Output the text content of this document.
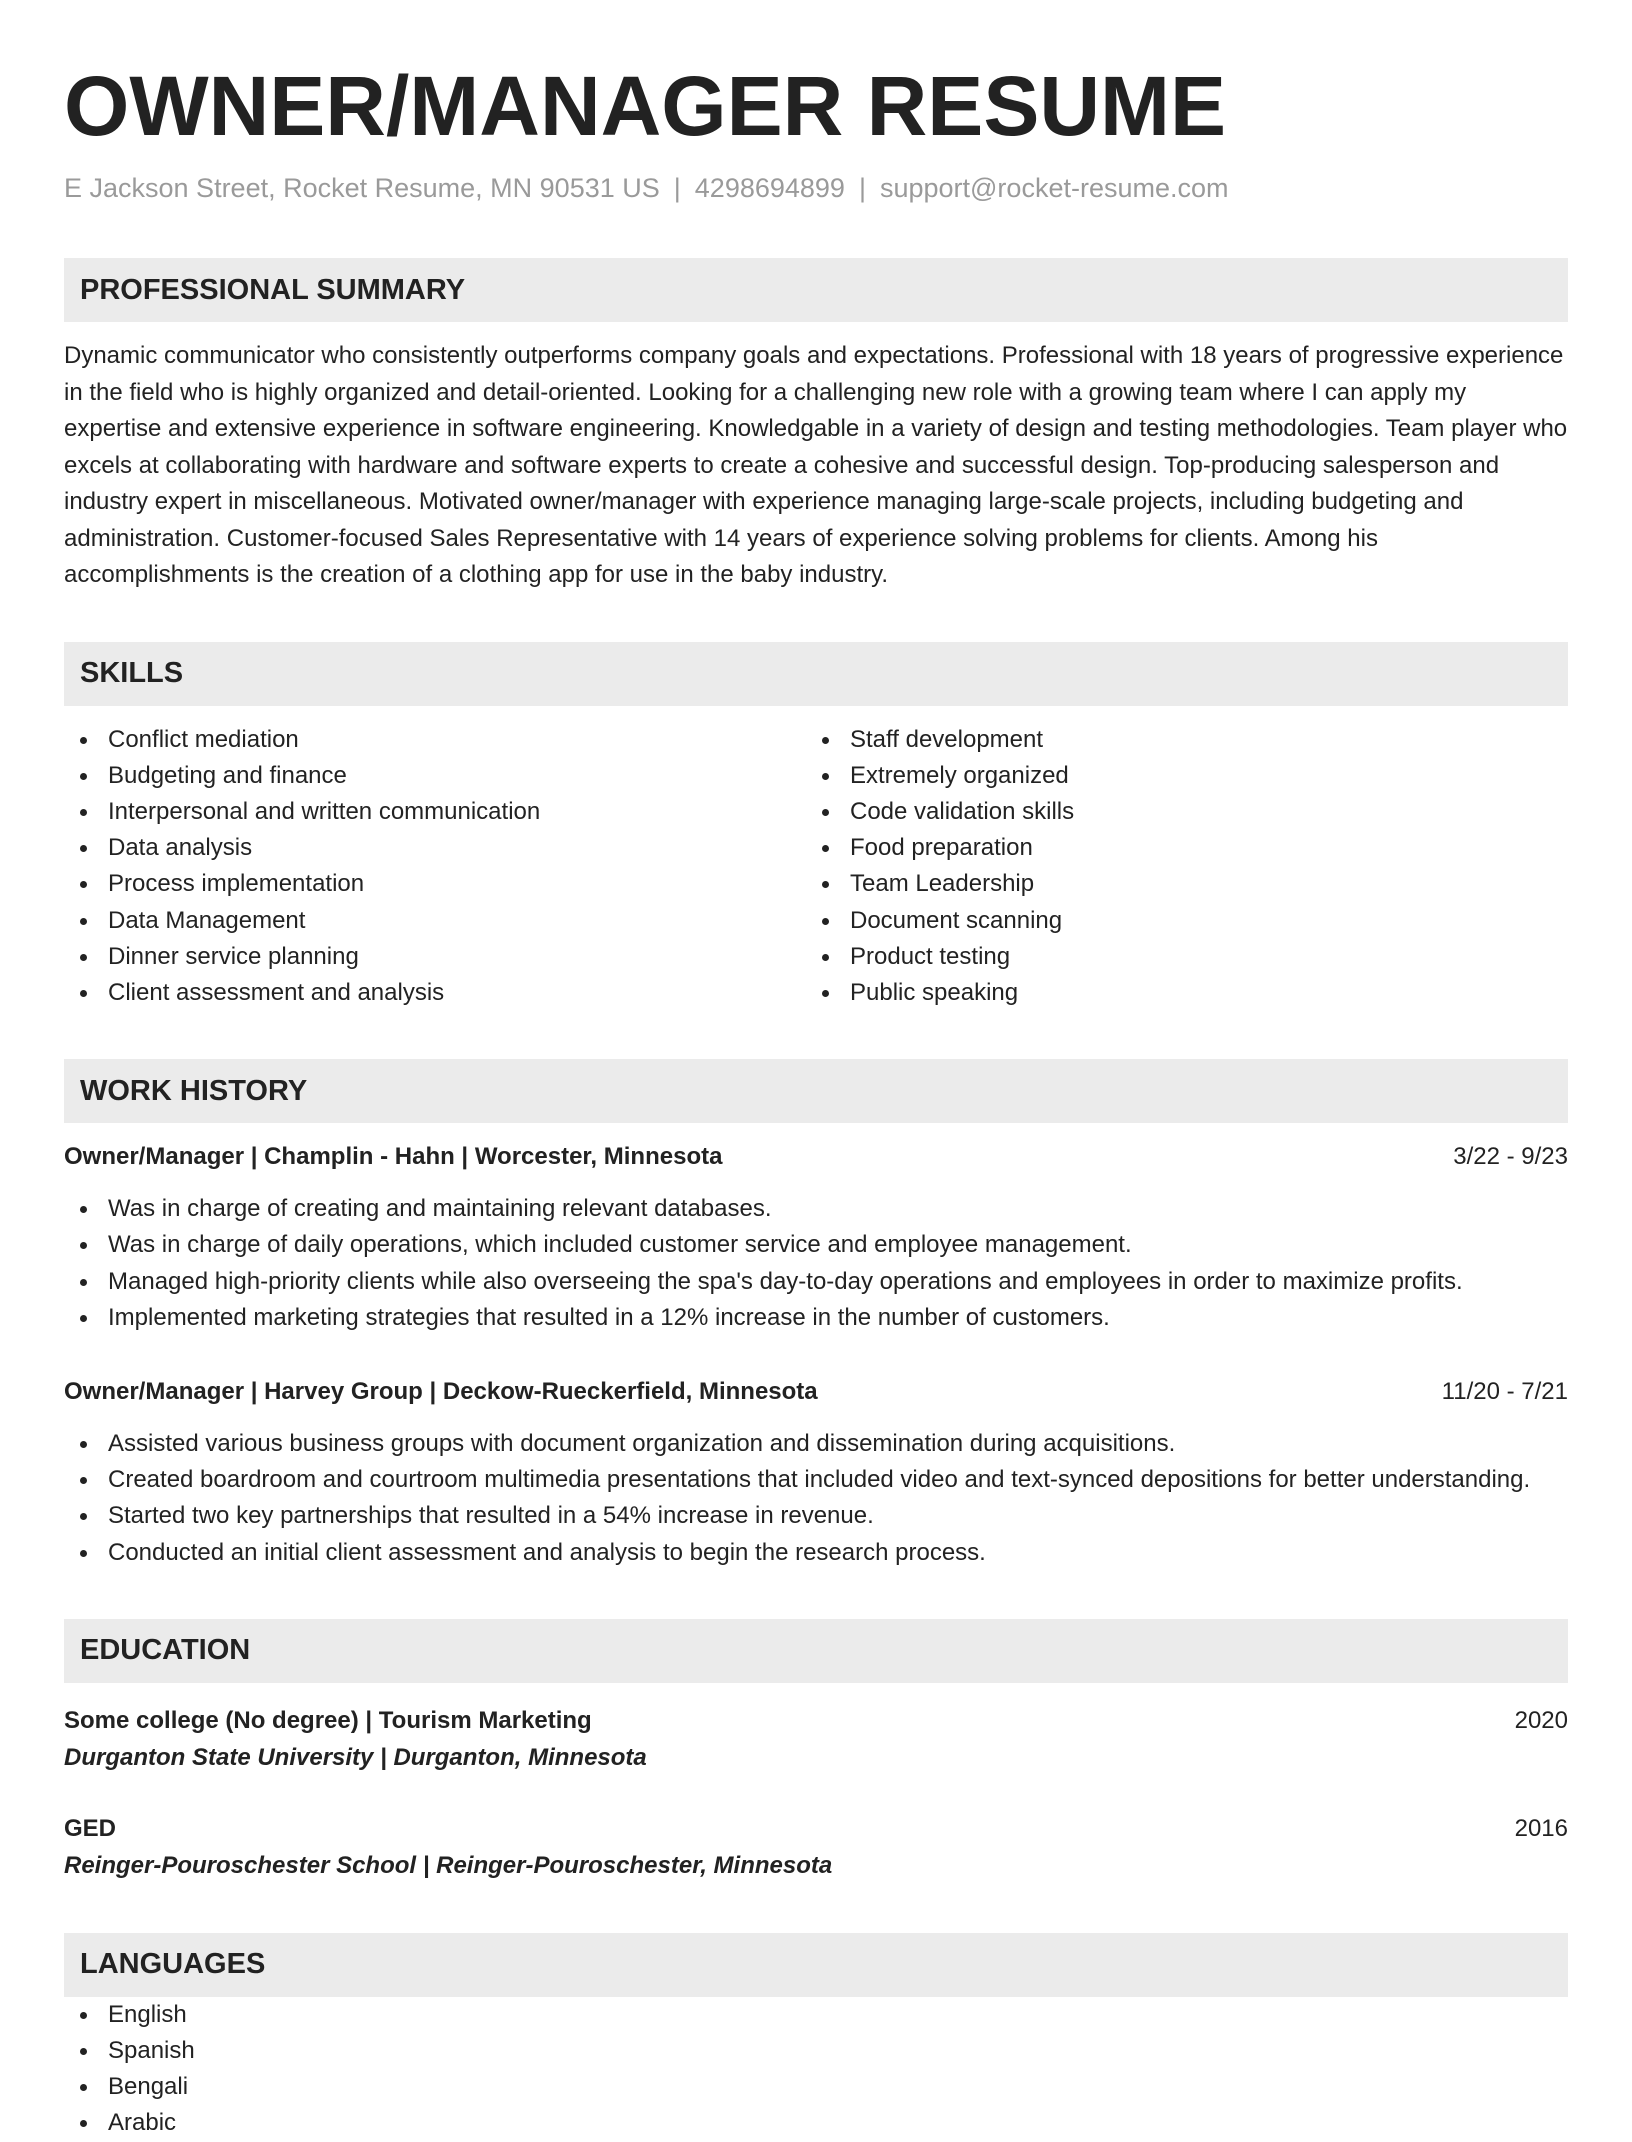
OWNER/MANAGER RESUME
E Jackson Street, Rocket Resume, MN 90531 US | 4298694899 | support@rocket-resume.com
PROFESSIONAL SUMMARY

Dynamic communicator who consistently outperforms company goals and expectations. Professional with 18 years of progressive experience in the field who is highly organized and detail-oriented. Looking for a challenging new role with a growing team where I can apply my expertise and extensive experience in software engineering. Knowledgable in a variety of design and testing methodologies. Team player who excels at collaborating with hardware and software experts to create a cohesive and successful design. Top-producing salesperson and industry expert in miscellaneous. Motivated owner/manager with experience managing large-scale projects, including budgeting and administration. Customer-focused Sales Representative with 14 years of experience solving problems for clients. Among his accomplishments is the creation of a clothing app for use in the baby industry.

SKILLS
Conflict mediation
Budgeting and finance
Interpersonal and written communication
Data analysis
Process implementation
Data Management
Dinner service planning
Client assessment and analysis
Staff development
Extremely organized
Code validation skills
Food preparation
Team Leadership
Document scanning
Product testing
Public speaking
WORK HISTORY
Owner/Manager | Champlin - Hahn | Worcester, Minnesota	3/22 - 9/23
Was in charge of creating and maintaining relevant databases.
Was in charge of daily operations, which included customer service and employee management.
Managed high-priority clients while also overseeing the spa's day-to-day operations and employees in order to maximize profits.
Implemented marketing strategies that resulted in a 12% increase in the number of customers.
Owner/Manager | Harvey Group | Deckow-Rueckerfield, Minnesota	11/20 - 7/21
Assisted various business groups with document organization and dissemination during acquisitions.
Created boardroom and courtroom multimedia presentations that included video and text-synced depositions for better understanding.
Started two key partnerships that resulted in a 54% increase in revenue.
Conducted an initial client assessment and analysis to begin the research process.
EDUCATION
Some college (No degree) | Tourism Marketing	2020
Durganton State University | Durganton, Minnesota
GED	2016
Reinger-Pouroschester School | Reinger-Pouroschester, Minnesota
LANGUAGES
English
Spanish
Bengali
Arabic
